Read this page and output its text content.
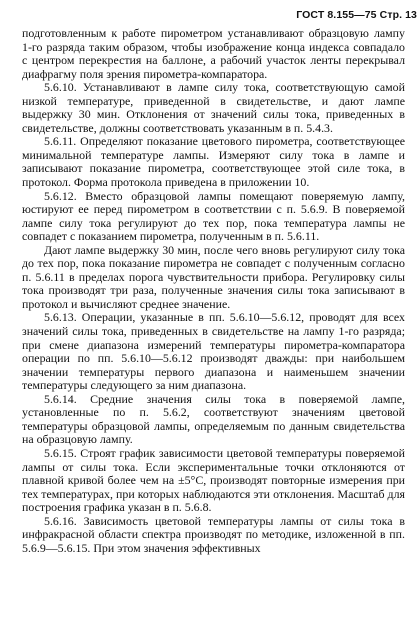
ГОСТ 8.155—75 Стр. 13

подготовленным к работе пирометром устанавливают образцовую лампу 1-го разряда таким образом, чтобы изображение конца индекса совпадало с центром перекрестия на баллоне, а рабочий участок ленты перекрывал диафрагму поля зрения пирометра-компаратора.

5.6.10. Устанавливают в лампе силу тока, соответствующую самой низкой температуре, приведенной в свидетельстве, и дают лампе выдержку 30 мин. Отклонения от значений силы тока, приведенных в свидетельстве, должны соответствовать указанным в п. 5.4.3.

5.6.11. Определяют показание цветового пирометра, соответствующее минимальной температуре лампы. Измеряют силу тока в лампе и записывают показание пирометра, соответствующее этой силе тока, в протокол. Форма протокола приведена в приложении 10.

5.6.12. Вместо образцовой лампы помещают поверяемую лампу, юстируют ее перед пирометром в соответствии с п. 5.6.9. В поверяемой лампе силу тока регулируют до тех пор, пока температура лампы не совпадет с показанием пирометра, полученным в п. 5.6.11.

Дают лампе выдержку 30 мин, после чего вновь регулируют силу тока до тех пор, пока показание пирометра не совпадет с полученным согласно п. 5.6.11 в пределах порога чувствительности прибора. Регулировку силы тока производят три раза, полученные значения силы тока записывают в протокол и вычисляют среднее значение.

5.6.13. Операции, указанные в пп. 5.6.10—5.6.12, проводят для всех значений силы тока, приведенных в свидетельстве на лампу 1-го разряда; при смене диапазона измерений температуры пирометра-компаратора операции по пп. 5.6.10—5.6.12 производят дважды: при наибольшем значении температуры первого диапазона и наименьшем значении температуры следующего за ним диапазона.

5.6.14. Средние значения силы тока в поверяемой лампе, установленные по п. 5.6.2, соответствуют значениям цветовой температуры образцовой лампы, определяемым по данным свидетельства на образцовую лампу.

5.6.15. Строят график зависимости цветовой температуры поверяемой лампы от силы тока. Если экспериментальные точки отклоняются от плавной кривой более чем на ±5°С, производят повторные измерения при тех температурах, при которых наблюдаются эти отклонения. Масштаб для построения графика указан в п. 5.6.8.

5.6.16. Зависимость цветовой температуры лампы от силы тока в инфракрасной области спектра производят по методике, изложенной в пп. 5.6.9—5.6.15. При этом значения эффективных
